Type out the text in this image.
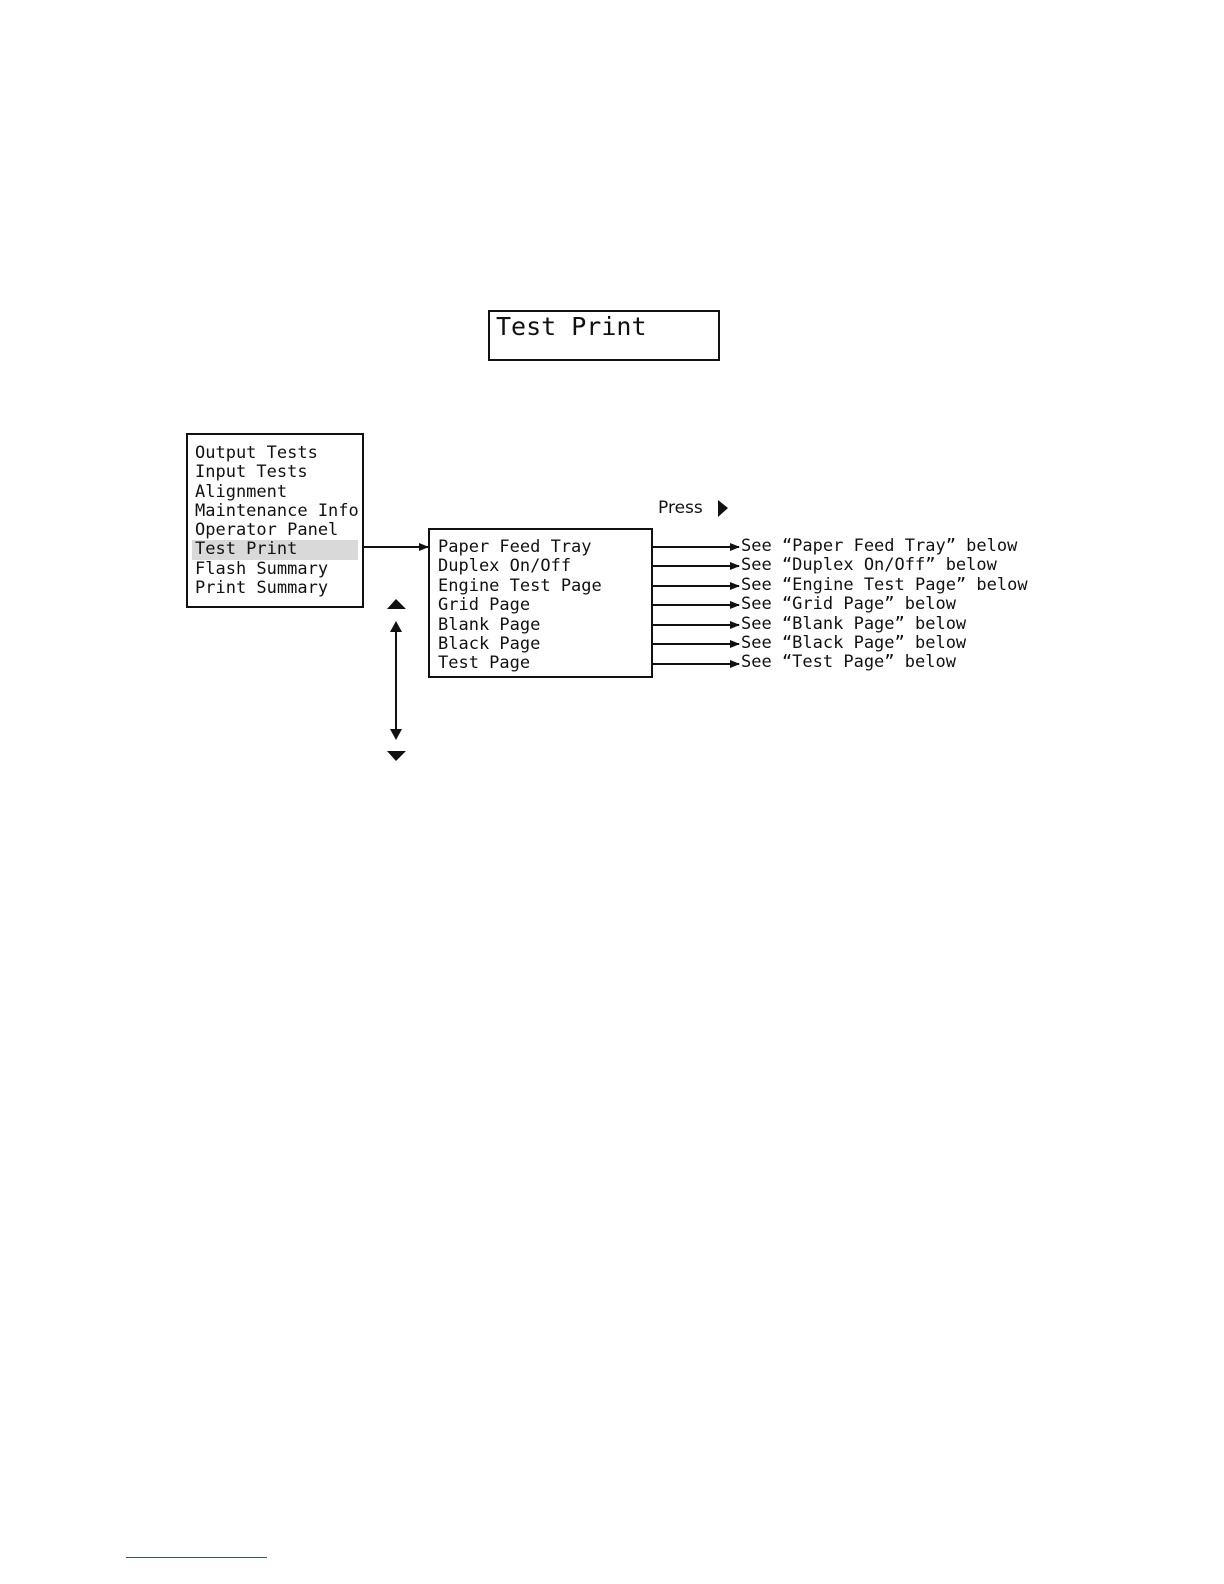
Test Print
Output Tests
Input Tests
Alignment
Maintenance Info
Operator Panel
Test Print
Flash Summary
Print Summary
Press
Paper Feed Tray
Duplex On/Off
Engine Test Page
Grid Page
Blank Page
Black Page
Test Page
See “Paper Feed Tray” below
See “Duplex On/Off” below
See “Engine Test Page” below
See “Grid Page” below
See “Blank Page” below
See “Black Page” below
See “Test Page” below
